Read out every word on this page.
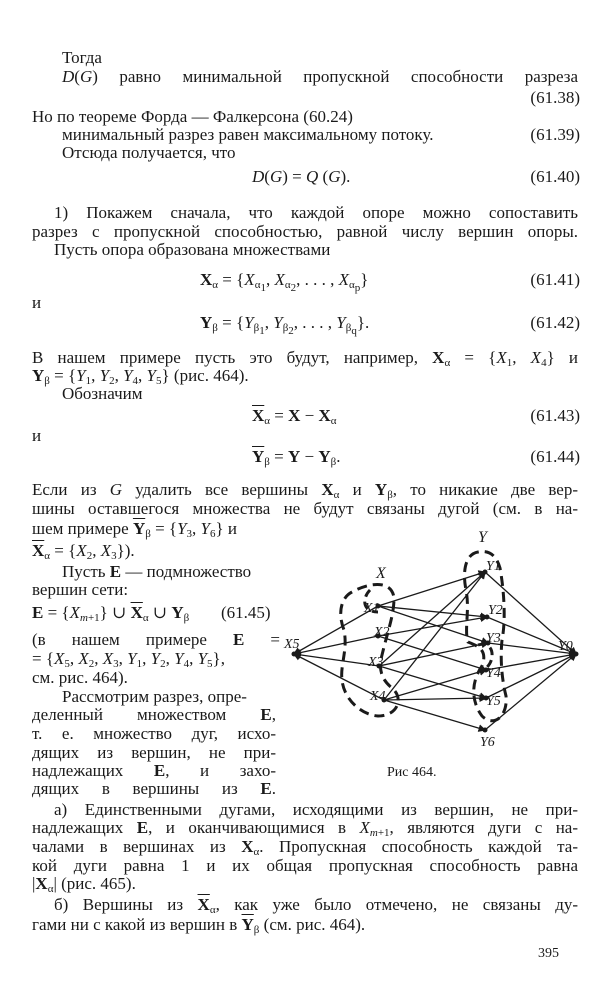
Тогда
D(G) равно минимальной пропускной способности разреза
(61.38)
Но по теореме Форда — Фалкерсона (60.24)
минимальный разрез равен максимальному потоку.	(61.39)
Отсюда получается, что
D(G) = Q (G).	(61.40)
1) Покажем сначала, что каждой опоре можно сопоставить
разрез с пропускной способностью, равной числу вершин опоры.
Пусть опора образована множествами
$X_\alpha = \{X_{\alpha_1}$, $X_{\alpha_2}$, . . . , $X_{\alpha_p}$}	(61.41)
и
$Y_\beta = \{Y_{\beta_1}$, $Y_{\beta_2}$, . . . , $Y_{\beta_q}$}.	(61.42)
В нашем примере пусть это будут, например, $X_\alpha = \{X_1$, $X_4$} и
$Y_\beta = \{Y_1$, $Y_2$, $Y_4$, $Y_5$} (рис. 464).
Обозначим
$\overline{X}_\alpha = X - X_\alpha$	(61.43)
и
$\overline{Y}_\beta = Y - Y_\beta$.	(61.44)
Если из G удалить все вершины $X_\alpha$ и $Y_\beta$, то никакие две вер-
шины оставшегося множества не будут связаны дугой (см. в на-
шем примере $\overline{Y}_\beta = \{Y_3$, $Y_6$} и
$\overline{X}_\alpha = \{X_2$, $X_3$}).
Пусть E — подмножество
вершин сети:
$E = \{X_{m+1}\}$ ∪ $\overline{X}_\alpha$ ∪ $Y_\beta$ (61.45)
(в нашем примере E =
= {$X_5$, $X_2$, $X_3$, $Y_1$, $Y_2$, $Y_4$, $Y_5$},
см. рис. 464).
Рассмотрим разрез, опре-
деленный множеством E,
т. е. множество дуг, исхо-
дящих из вершин, не при-
надлежащих E, и захо-
дящих в вершины из E.
X
Y
X5
X1
X2
X3
X4
Y1
Y2
Y3
Y4
Y5
Y6
Y0
Рис 464.
а) Единственными дугами, исходящими из вершин, не при-
надлежащих E, и оканчивающимися в $X_{m+1}$, являются дуги с на-
чалами в вершинах из $X_\alpha$. Пропускная способность каждой та-
кой дуги равна 1 и их общая пропускная способность равна
$|X_\alpha|$ (рис. 465).
б) Вершины из $\overline{X}_\alpha$, как уже было отмечено, не связаны ду-
гами ни с какой из вершин в $\overline{Y}_\beta$ (см. рис. 464).
395
